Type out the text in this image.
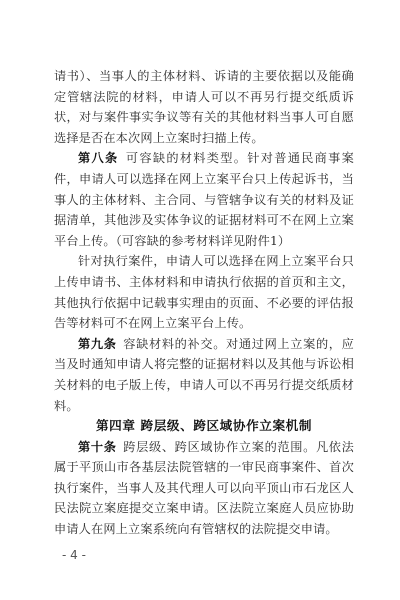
请书）、当事人的主体材料、诉请的主要依据以及能确定管辖法院的材料，申请人可以不再另行提交纸质诉状，对与案件事实争议等有关的其他材料当事人可自愿选择是否在本次网上立案时扫描上传。

第八条 可容缺的材料类型。针对普通民商事案件，申请人可以选择在网上立案平台只上传起诉书，当事人的主体材料、主合同、与管辖争议有关的材料及证据清单，其他涉及实体争议的证据材料可不在网上立案平台上传。（可容缺的参考材料详见附件1）

针对执行案件，申请人可以选择在网上立案平台只上传申请书、主体材料和申请执行依据的首页和主文，其他执行依据中记载事实理由的页面、不必要的评估报告等材料可不在网上立案平台上传。

第九条 容缺材料的补交。对通过网上立案的，应当及时通知申请人将完整的证据材料以及其他与诉讼相关材料的电子版上传，申请人可以不再另行提交纸质材料。

第四章 跨层级、跨区域协作立案机制

第十条 跨层级、跨区域协作立案的范围。凡依法属于平顶山市各基层法院管辖的一审民商事案件、首次执行案件，当事人及其代理人可以向平顶山市石龙区人民法院立案庭提交立案申请。区法院立案庭人员应协助申请人在网上立案系统向有管辖权的法院提交申请。

- 4 -
